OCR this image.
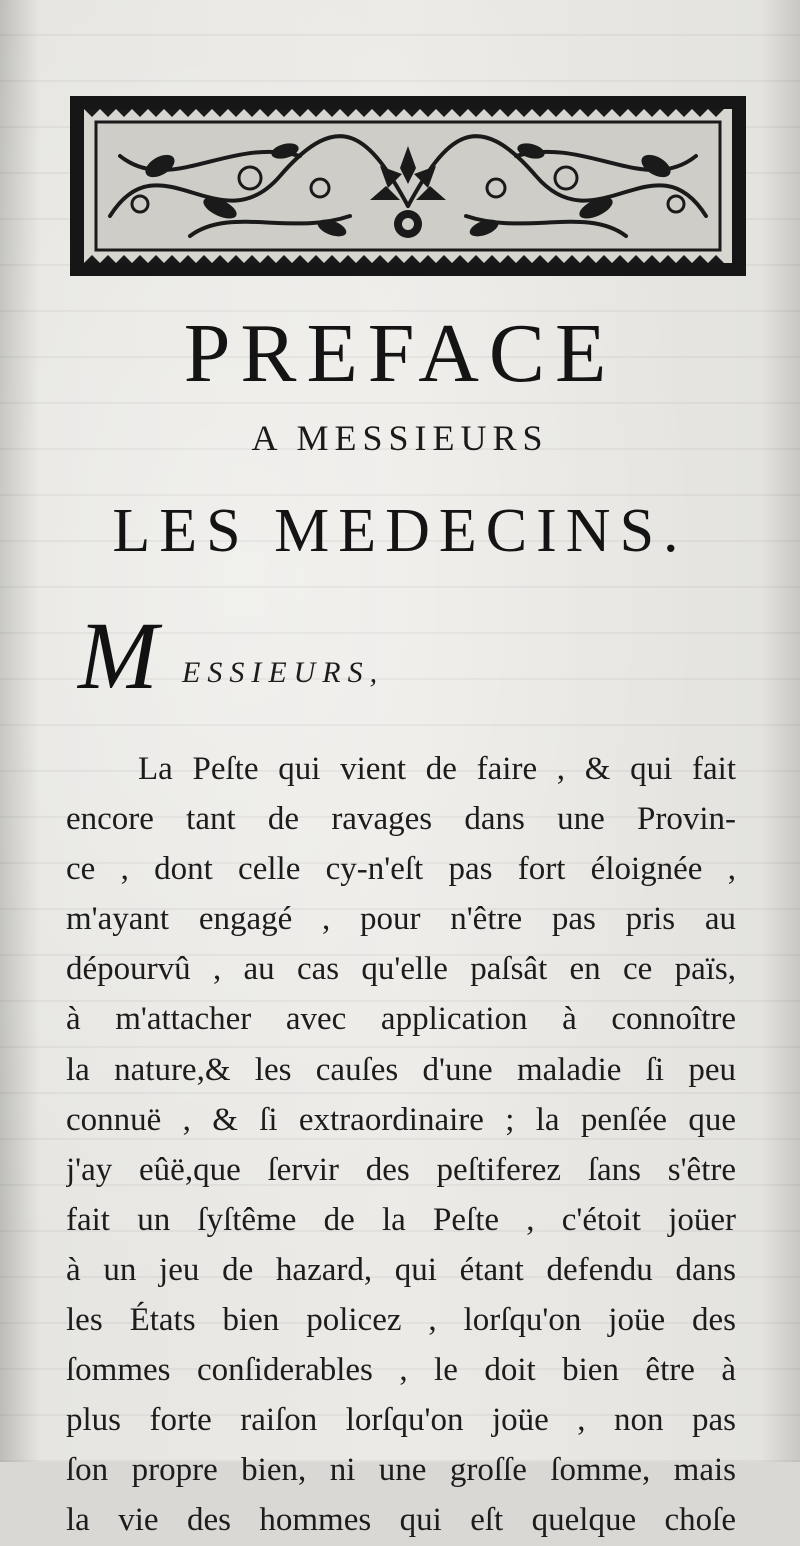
PREFACE
A MESSIEURS
LES MEDECINS.
M ESSIEURS,
La Peſte qui vient de faire , & qui fait
encore tant de ravages dans une Provin-
ce , dont celle cy-n'eſt pas fort éloignée ,
m'ayant engagé , pour n'être pas pris au
dépourvû , au cas qu'elle paſsât en ce païs,
à m'attacher avec application à connoître
la nature,& les cauſes d'une maladie ſi peu
connuë , & ſi extraordinaire ; la penſée que
j'ay eûë,que ſervir des peſtiferez ſans s'être
fait un ſyſtême de la Peſte , c'étoit joüer
à un jeu de hazard, qui étant defendu dans
les États bien policez , lorſqu'on joüe des
ſommes conſiderables , le doit bien être à
plus forte raiſon lorſqu'on joüe , non pas
ſon propre bien, ni une groſſe ſomme, mais
la vie des hommes qui eſt quelque choſe
